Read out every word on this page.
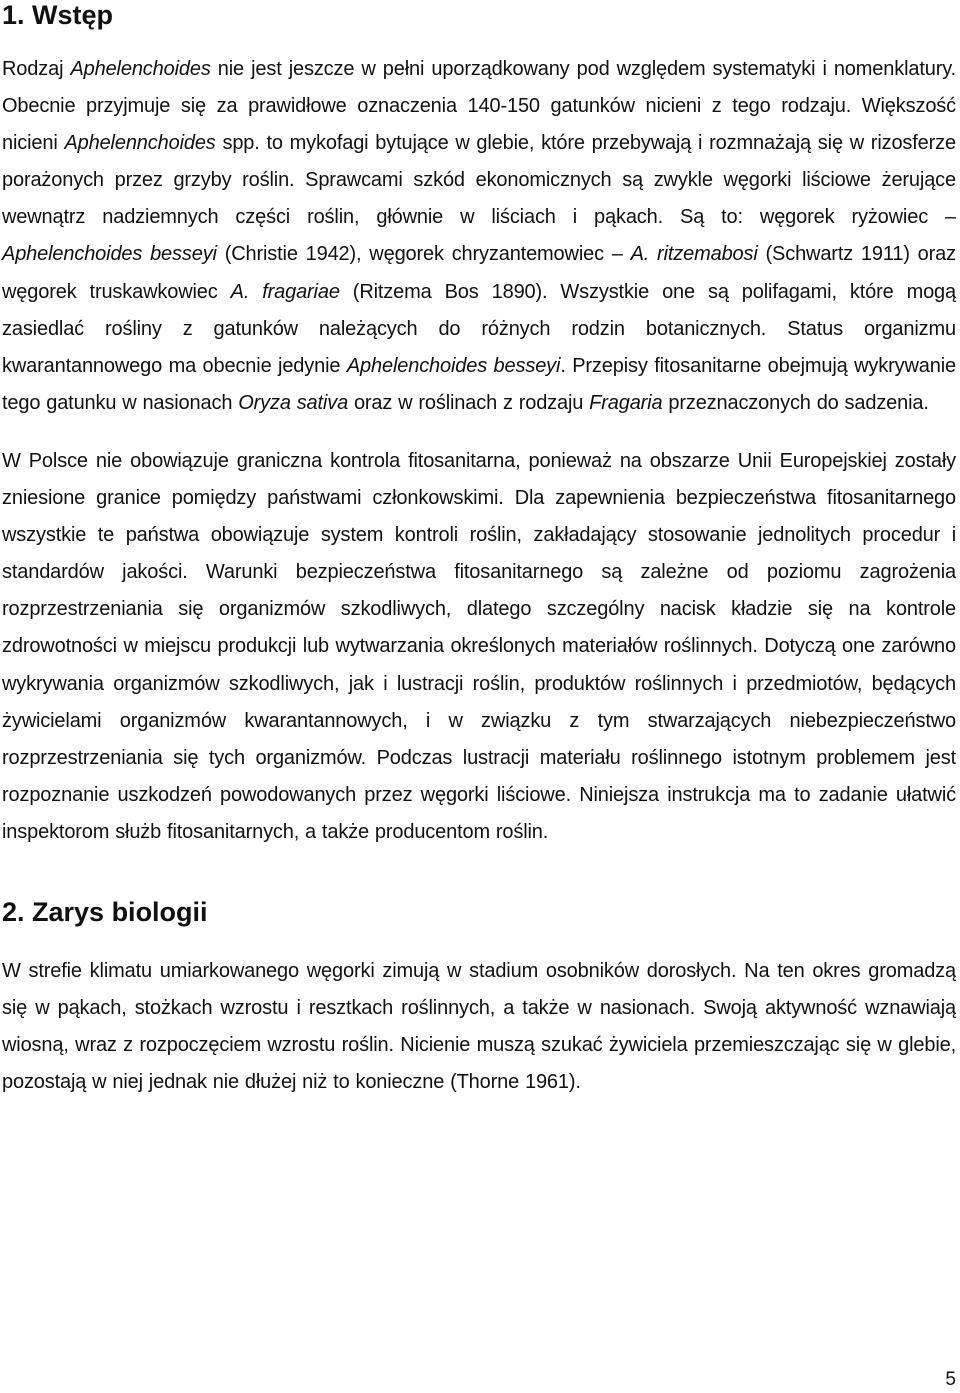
1. Wstęp

Rodzaj Aphelenchoides nie jest jeszcze w pełni uporządkowany pod względem systematyki i nomenklatury. Obecnie przyjmuje się za prawidłowe oznaczenia 140-150 gatunków nicieni z tego rodzaju. Większość nicieni Aphelennchoides spp. to mykofagi bytujące w glebie, które przebywają i rozmnażają się w rizosferze porażonych przez grzyby roślin. Sprawcami szkód ekonomicznych są zwykle węgorki liściowe żerujące wewnątrz nadziemnych części roślin, głównie w liściach i pąkach. Są to: węgorek ryżowiec – Aphelenchoides besseyi (Christie 1942), węgorek chryzantemowiec – A. ritzemabosi (Schwartz 1911) oraz węgorek truskawkowiec A. fragariae (Ritzema Bos 1890). Wszystkie one są polifagami, które mogą zasiedlać rośliny z gatunków należących do różnych rodzin botanicznych. Status organizmu kwarantannowego ma obecnie jedynie Aphelenchoides besseyi. Przepisy fitosanitarne obejmują wykrywanie tego gatunku w nasionach Oryza sativa oraz w roślinach z rodzaju Fragaria przeznaczonych do sadzenia.

W Polsce nie obowiązuje graniczna kontrola fitosanitarna, ponieważ na obszarze Unii Europejskiej zostały zniesione granice pomiędzy państwami członkowskimi. Dla zapewnienia bezpieczeństwa fitosanitarnego wszystkie te państwa obowiązuje system kontroli roślin, zakładający stosowanie jednolitych procedur i standardów jakości. Warunki bezpieczeństwa fitosanitarnego są zależne od poziomu zagrożenia rozprzestrzeniania się organizmów szkodliwych, dlatego szczególny nacisk kładzie się na kontrole zdrowotności w miejscu produkcji lub wytwarzania określonych materiałów roślinnych. Dotyczą one zarówno wykrywania organizmów szkodliwych, jak i lustracji roślin, produktów roślinnych i przedmiotów, będących żywicielami organizmów kwarantannowych, i w związku z tym stwarzających niebezpieczeństwo rozprzestrzeniania się tych organizmów. Podczas lustracji materiału roślinnego istotnym problemem jest rozpoznanie uszkodzeń powodowanych przez węgorki liściowe. Niniejsza instrukcja ma to zadanie ułatwić inspektorom służb fitosanitarnych, a także producentom roślin.

2. Zarys biologii

W strefie klimatu umiarkowanego węgorki zimują w stadium osobników dorosłych. Na ten okres gromadzą się w pąkach, stożkach wzrostu i resztkach roślinnych, a także w nasionach. Swoją aktywność wznawiają wiosną, wraz z rozpoczęciem wzrostu roślin. Nicienie muszą szukać żywiciela przemieszczając się w glebie, pozostają w niej jednak nie dłużej niż to konieczne (Thorne 1961).

5
